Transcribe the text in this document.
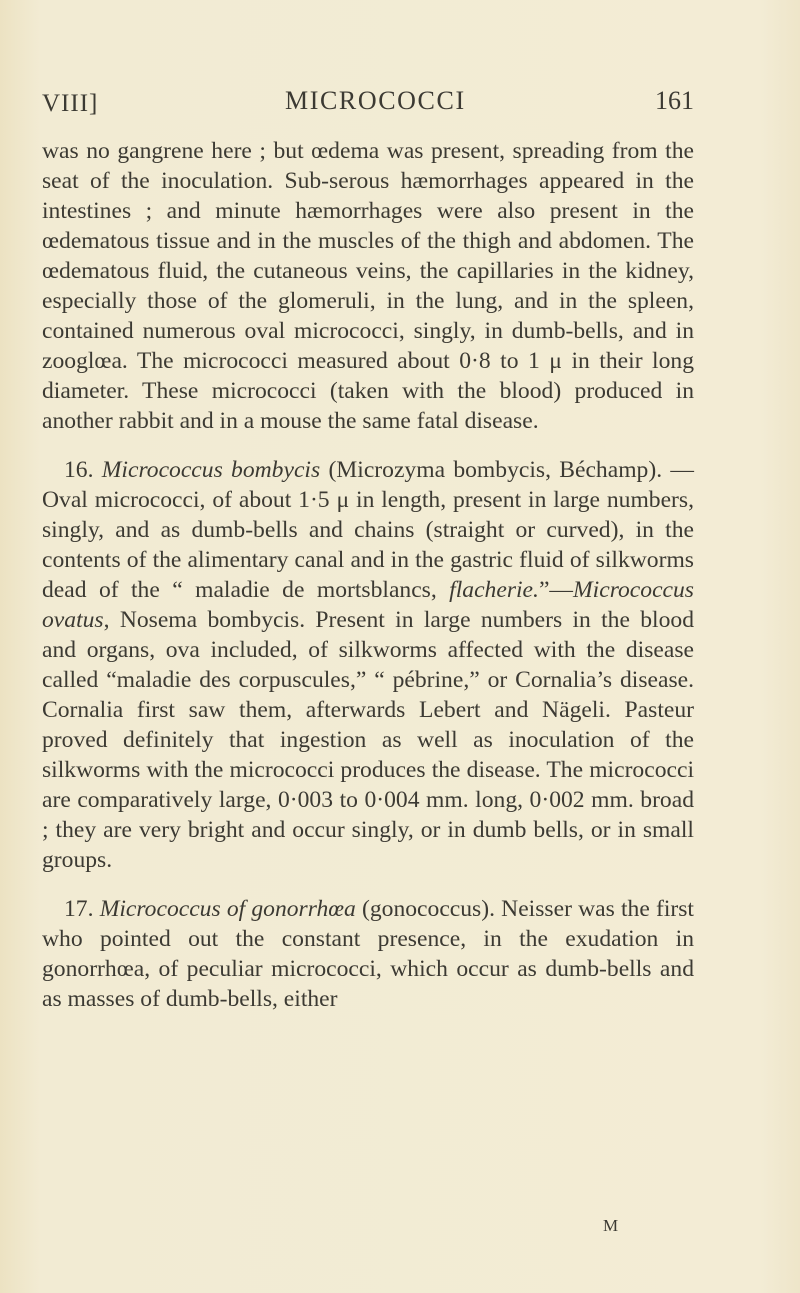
VIII]	MICROCOCCI	161

was no gangrene here ; but œdema was present, spreading from the seat of the inoculation. Sub-serous hæmorrhages appeared in the intestines ; and minute hæmorrhages were also present in the œdematous tissue and in the muscles of the thigh and abdomen. The œdematous fluid, the cutaneous veins, the capillaries in the kidney, especially those of the glomeruli, in the lung, and in the spleen, contained numerous oval micrococci, singly, in dumb-bells, and in zooglœa. The micrococci measured about 0·8 to 1 μ in their long diameter. These micrococci (taken with the blood) produced in another rabbit and in a mouse the same fatal disease.

16. Micrococcus bombycis (Microzyma bombycis, Béchamp). —Oval micrococci, of about 1·5 μ in length, present in large numbers, singly, and as dumb-bells and chains (straight or curved), in the contents of the alimentary canal and in the gastric fluid of silkworms dead of the “ maladie de mortsblancs, flacherie.”—Micrococcus ovatus, Nosema bombycis. Present in large numbers in the blood and organs, ova included, of silkworms affected with the disease called “maladie des corpuscules,” “ pébrine,” or Cornalia’s disease. Cornalia first saw them, afterwards Lebert and Nägeli. Pasteur proved definitely that ingestion as well as inoculation of the silkworms with the micrococci produces the disease. The micrococci are comparatively large, 0·003 to 0·004 mm. long, 0·002 mm. broad ; they are very bright and occur singly, or in dumb bells, or in small groups.

17. Micrococcus of gonorrhœa (gonococcus). Neisser was the first who pointed out the constant presence, in the exudation in gonorrhœa, of peculiar micrococci, which occur as dumb-bells and as masses of dumb-bells, either

M
